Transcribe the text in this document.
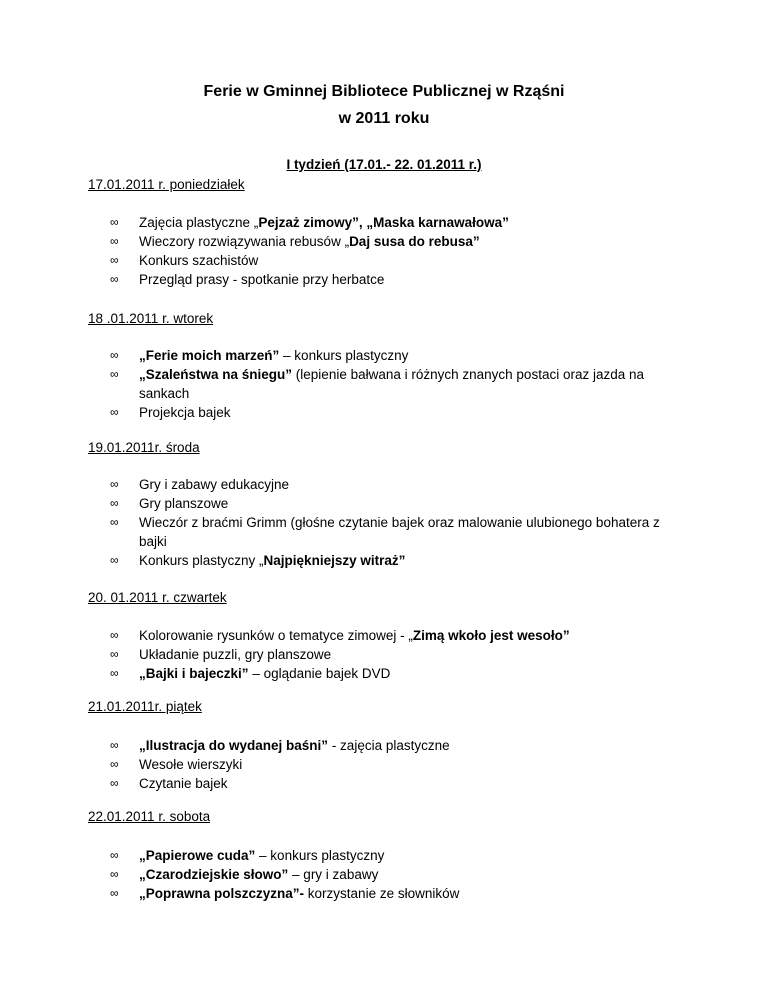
Ferie w Gminnej Bibliotece Publicznej w Rząśni
w 2011 roku
I tydzień (17.01.- 22. 01.2011 r.)
17.01.2011 r. poniedziałek
∞ Zajęcia plastyczne „Pejzaż zimowy”, „Maska karnawałowa”
∞ Wieczory rozwiązywania rebusów „Daj susa do rebusa”
∞ Konkurs szachistów
∞ Przegląd prasy - spotkanie przy herbatce
18 .01.2011 r. wtorek
∞ „Ferie moich marzeń” – konkurs plastyczny
∞ „Szaleństwa na śniegu” (lepienie bałwana i różnych znanych postaci oraz jazda na sankach
∞ Projekcja bajek
19.01.2011r. środa
∞ Gry i zabawy edukacyjne
∞ Gry planszowe
∞ Wieczór z braćmi Grimm (głośne czytanie bajek oraz malowanie ulubionego bohatera z bajki
∞ Konkurs plastyczny „Najpiękniejszy witraż”
20. 01.2011 r. czwartek
∞ Kolorowanie rysunków o tematyce zimowej - „Zimą wkoło jest wesoło”
∞ Układanie puzzli, gry planszowe
∞ „Bajki i bajeczki” – oglądanie bajek DVD
21.01.2011r. piątek
∞ „Ilustracja do wydanej baśni” - zajęcia plastyczne
∞ Wesołe wierszyki
∞ Czytanie bajek
22.01.2011 r. sobota
∞ „Papierowe cuda” – konkurs plastyczny
∞ „Czarodziejskie słowo” – gry i zabawy
∞ „Poprawna polszczyzna”- korzystanie ze słowników
